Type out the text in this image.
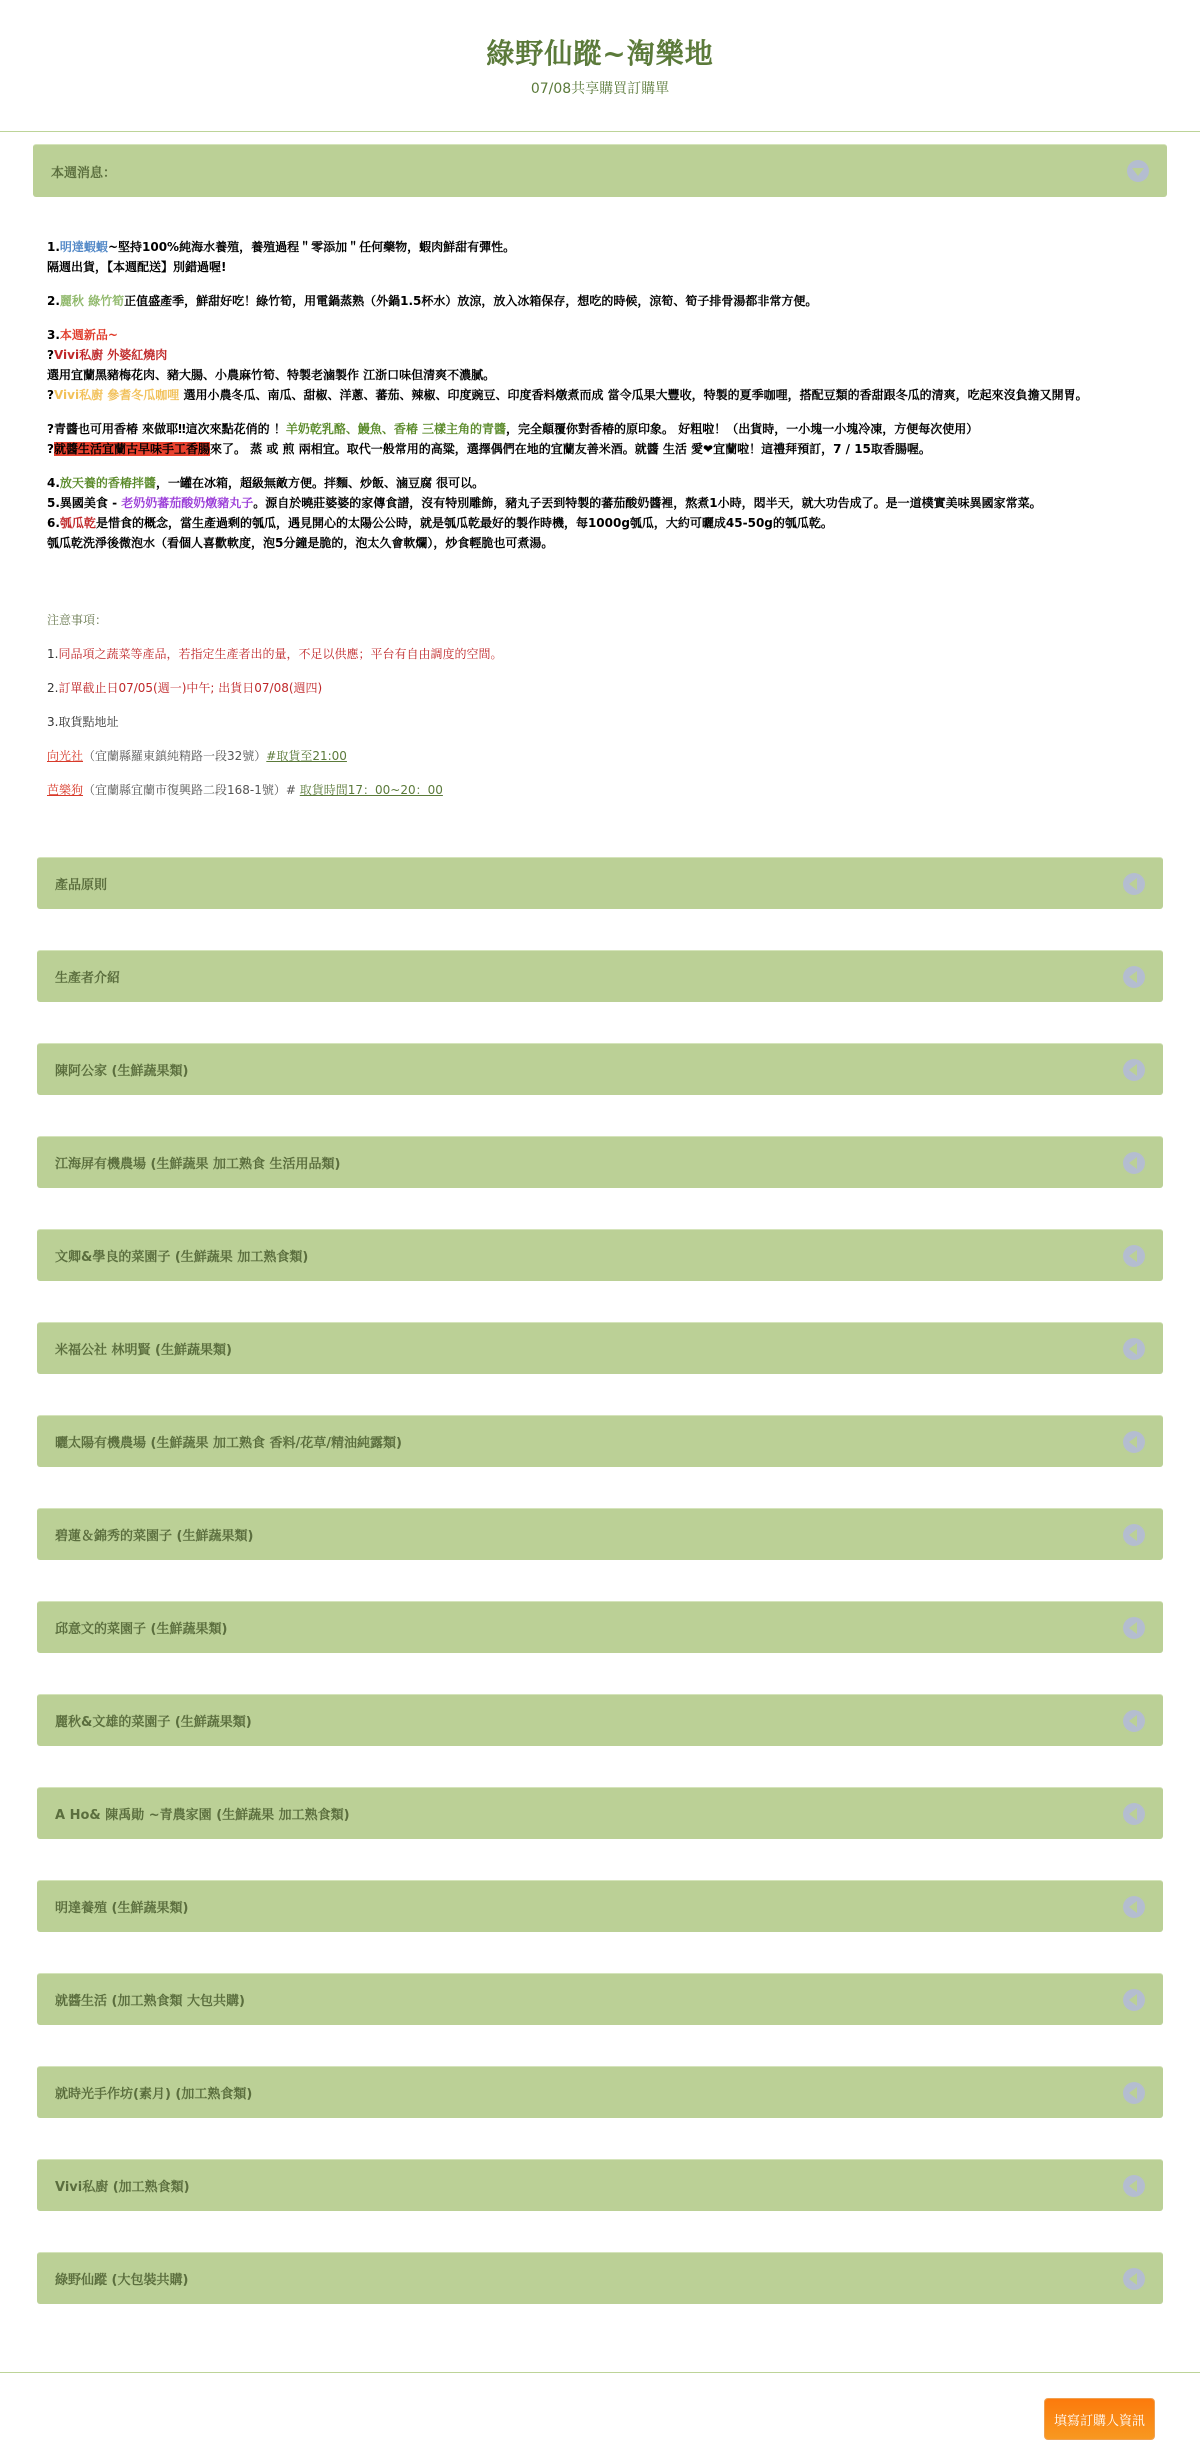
綠野仙蹤~淘樂地
07/08共享購買訂購單
本週消息：

1.明達蝦蝦~堅持100%純海水養殖，養殖過程＂零添加＂任何藥物，蝦肉鮮甜有彈性。
隔週出貨，【本週配送】別錯過喔!

2.麗秋 綠竹筍正值盛產季，鮮甜好吃！綠竹筍，用電鍋蒸熟（外鍋1.5杯水）放涼，放入冰箱保存，想吃的時候，涼筍、筍子排骨湯都非常方便。

3.本週新品~
?Vivi私廚 外婆紅燒肉
選用宜蘭黑豬梅花肉、豬大腸、小農麻竹筍、特製老滷製作 江浙口味但清爽不濃膩。
?Vivi私廚 參耆冬瓜咖哩 選用小農冬瓜、南瓜、甜椒、洋蔥、蕃茄、辣椒、印度豌豆、印度香料燉煮而成 當令瓜果大豐收，特製的夏季咖哩，搭配豆類的香甜跟冬瓜的清爽，吃起來沒負擔又開胃。

?青醬也可用香椿 來做耶‼這次來點花俏的 ！羊奶乾乳酪、鰻魚、香椿 三樣主角的青醬，完全顛覆你對香椿的原印象。 好粗啦！（出貨時，一小塊一小塊冷凍，方便每次使用）
?就醬生活宜蘭古早味手工香腸來了。 蒸 或 煎 兩相宜。取代一般常用的高粱，選擇偶們在地的宜蘭友善米酒。就醬 生活 愛❤宜蘭啦！這禮拜預訂，7 / 15取香腸喔。

4.放天養的香椿拌醬，一罐在冰箱，超級無敵方便。拌麵、炒飯、滷豆腐 很可以。

5.異國美食 - 老奶奶蕃茄酸奶燉豬丸子。源自於曉莊婆婆的家傳食譜，沒有特別雕飾，豬丸子丟到特製的蕃茄酸奶醬裡，熬煮1小時，悶半天，就大功告成了。是一道樸實美味異國家常菜。

6.瓠瓜乾是惜食的概念，當生產過剩的瓠瓜，遇見開心的太陽公公時，就是瓠瓜乾最好的製作時機，每1000g瓠瓜，大約可曬成45-50g的瓠瓜乾。
瓠瓜乾洗淨後微泡水（看個人喜歡軟度，泡5分鐘是脆的，泡太久會軟爛），炒食輕脆也可煮湯。

注意事項：
1.同品項之蔬菜等產品，若指定生產者出的量，不足以供應；平台有自由調度的空間。
2.訂單截止日07/05(週一)中午; 出貨日07/08(週四)
3.取貨點地址
向光社（宜蘭縣羅東鎮純精路一段32號）#取貨至21:00
芭樂狗（宜蘭縣宜蘭市復興路二段168-1號）# 取貨時間17：00~20：00
產品原則
生產者介紹
陳阿公家 (生鮮蔬果類)
江海屏有機農場 (生鮮蔬果 加工熟食 生活用品類)
文卿&學良的菜園子 (生鮮蔬果 加工熟食類)
米福公社 林明賢 (生鮮蔬果類)
曬太陽有機農場 (生鮮蔬果 加工熟食 香料/花草/精油純露類)
碧蓮＆錦秀的菜園子 (生鮮蔬果類)
邱意文的菜園子 (生鮮蔬果類)
麗秋&文雄的菜園子 (生鮮蔬果類)
A Ho& 陳禹勛 ~青農家園 (生鮮蔬果 加工熟食類)
明達養殖 (生鮮蔬果類)
就醬生活 (加工熟食類 大包共購)
就時光手作坊(素月) (加工熟食類)
Vivi私廚 (加工熟食類)
綠野仙蹤 (大包裝共購)
填寫訂購人資訊
